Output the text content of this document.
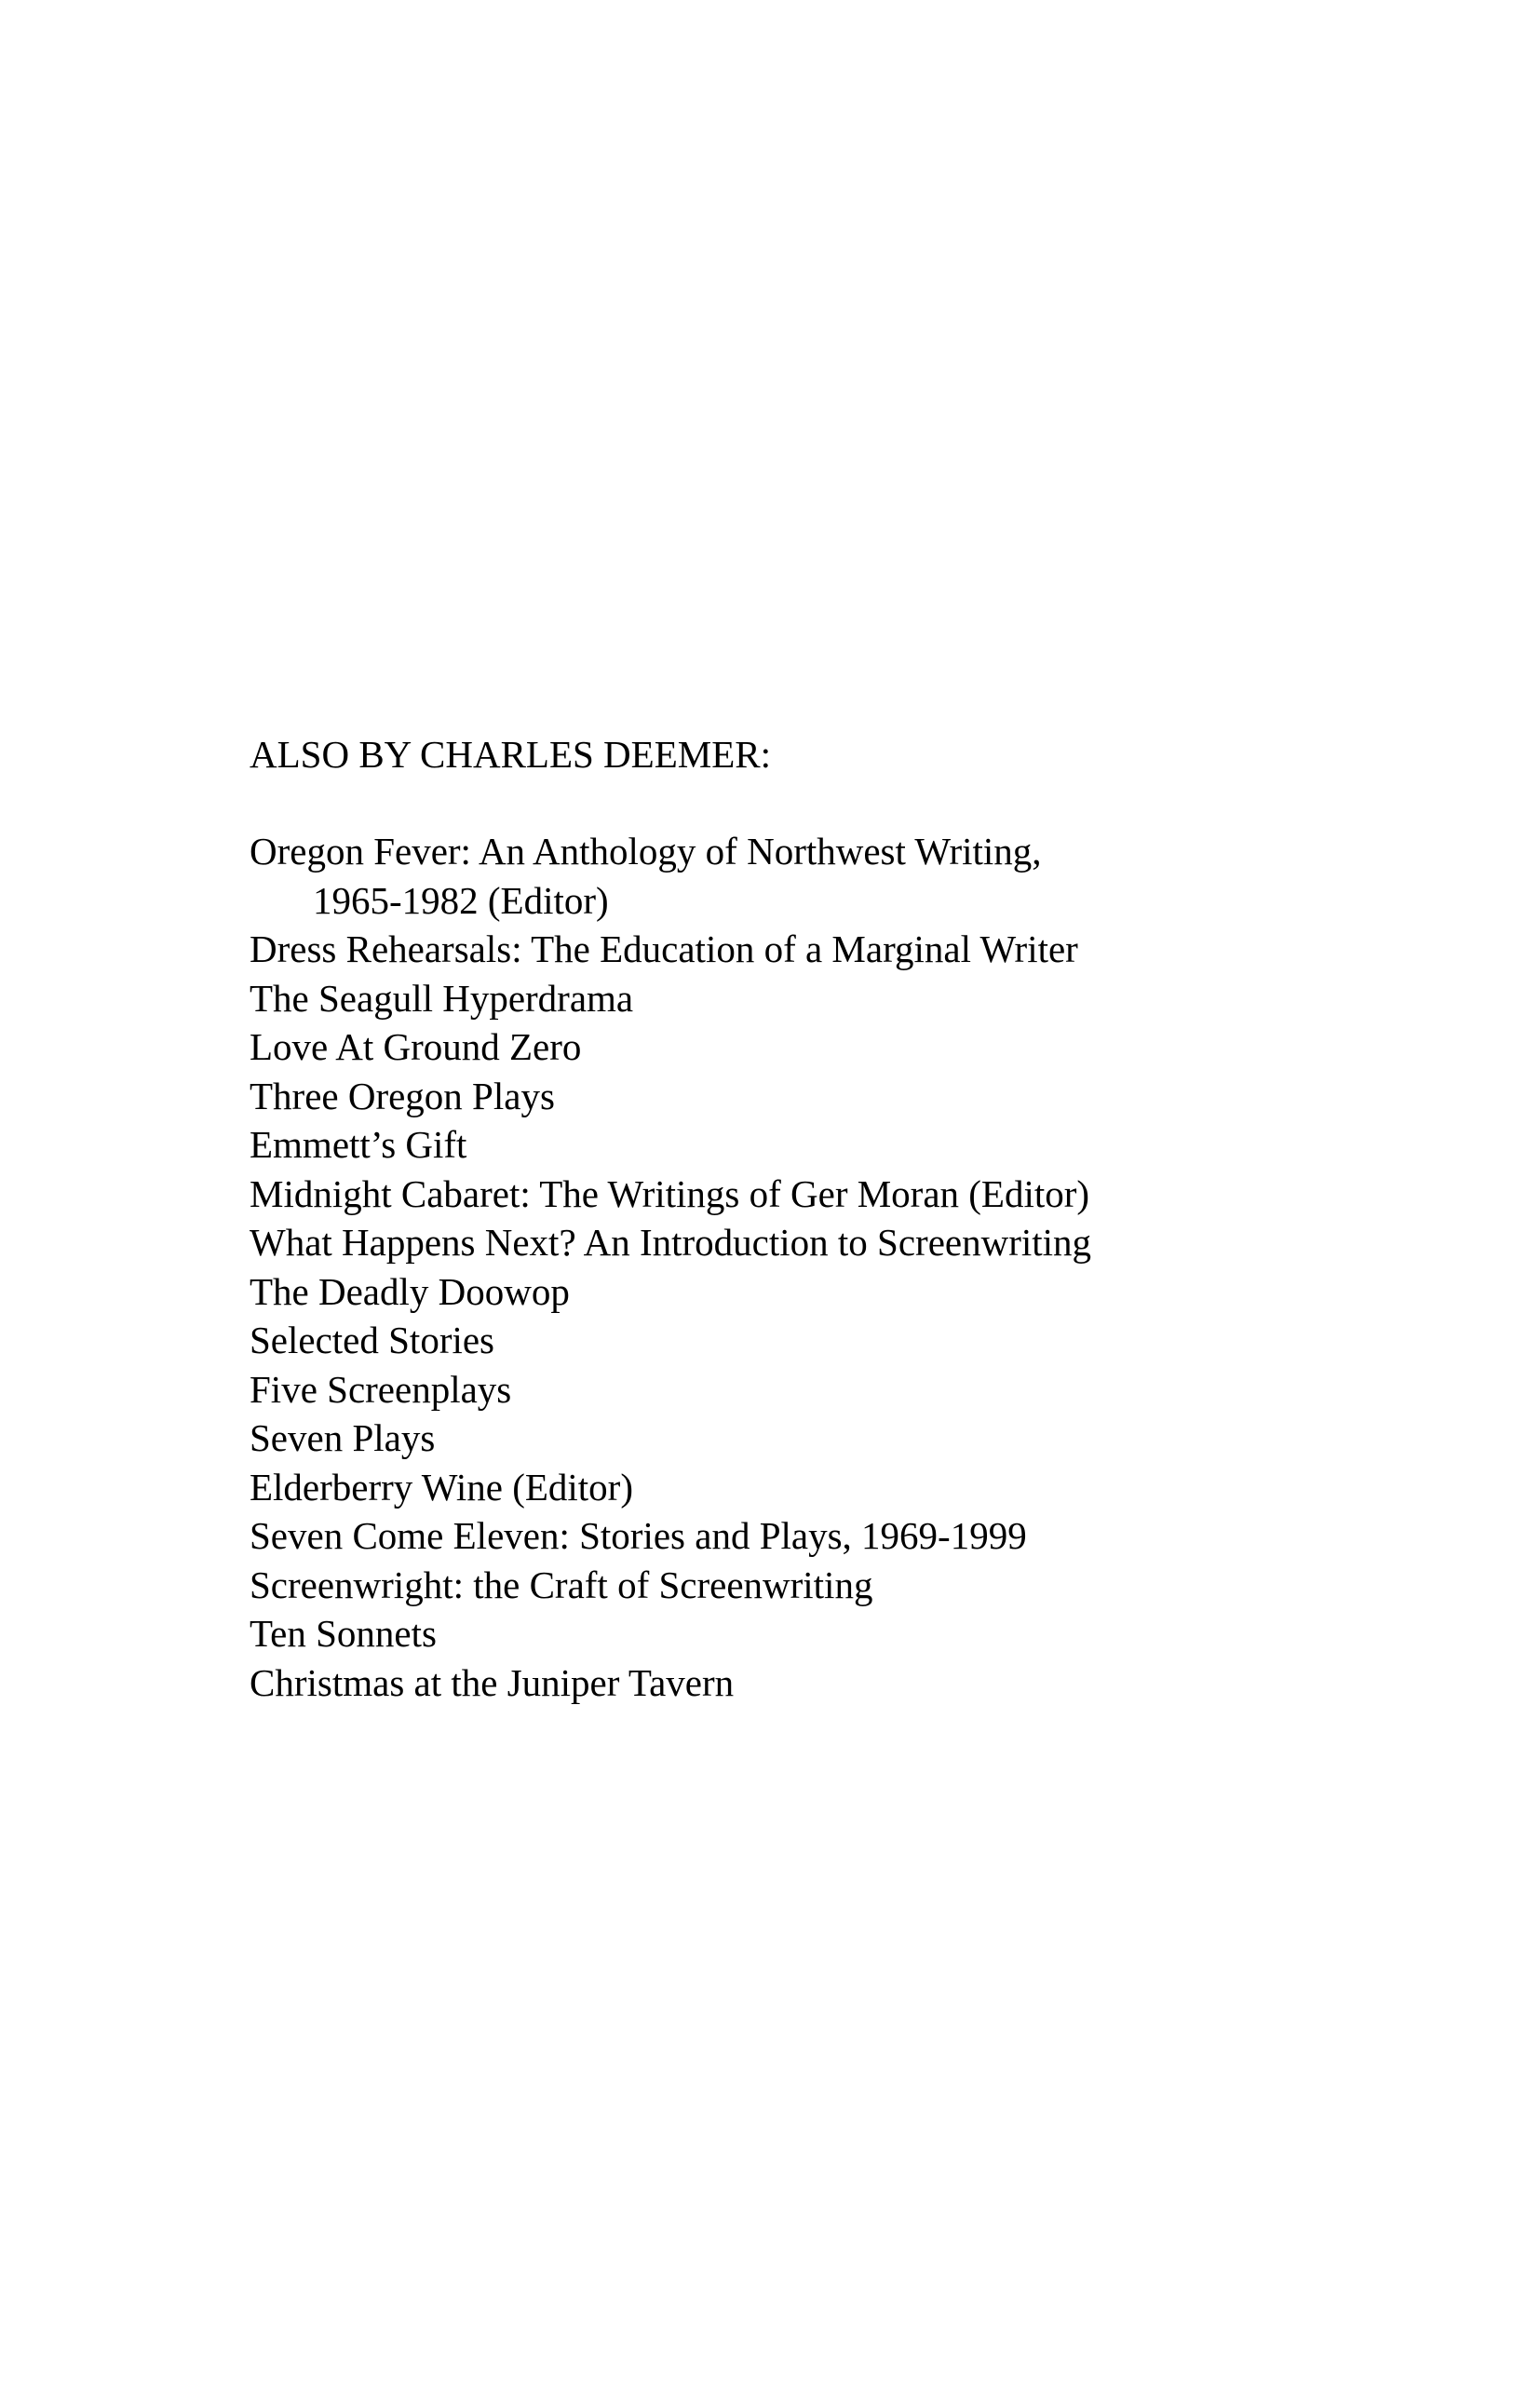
ALSO BY CHARLES DEEMER:
Oregon Fever: An Anthology of Northwest Writing,
1965-1982 (Editor)
Dress Rehearsals: The Education of a Marginal Writer
The Seagull Hyperdrama
Love At Ground Zero
Three Oregon Plays
Emmett’s Gift
Midnight Cabaret: The Writings of Ger Moran (Editor)
What Happens Next? An Introduction to Screenwriting
The Deadly Doowop
Selected Stories
Five Screenplays
Seven Plays
Elderberry Wine (Editor)
Seven Come Eleven: Stories and Plays, 1969-1999
Screenwright: the Craft of Screenwriting
Ten Sonnets
Christmas at the Juniper Tavern
